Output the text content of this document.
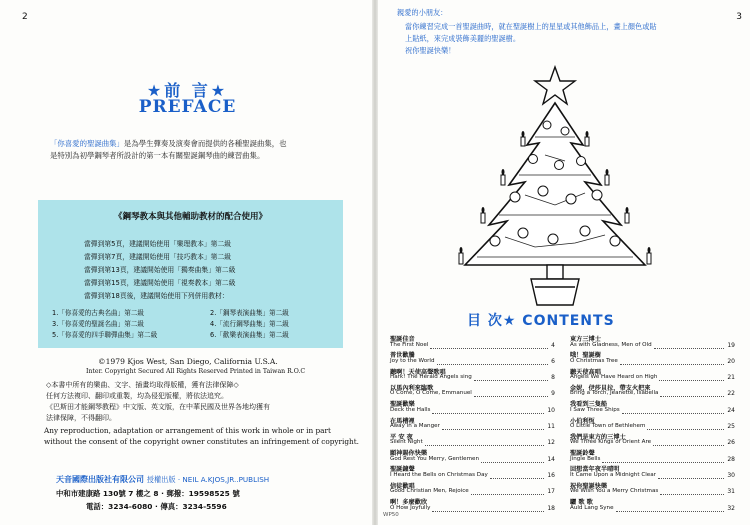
2
★前 言★
PREFACE
「你喜愛的聖誕曲集」是為學生彈奏及演奏會而提供的各種聖誕曲集，也
是特別為初學鋼琴者所設計的第一本有關聖誕鋼琴曲的練習曲集。
《鋼琴教本與其他輔助教材的配合使用》
當彈到第5頁，建議開始使用「樂理教本」第二級
當彈到第7頁，建議開始使用「技巧教本」第二級
當彈到第13頁，建議開始使用「獨奏曲集」第二級
當彈到第15頁，建議開始使用「視奏教本」第二級
當彈到第18頁後，建議開始使用下列併用教材：
1.「你喜愛的古典名曲」第二級	2.「鋼琴表演曲集」第二級
3.「你喜愛的聖誕名曲」第二級	4.「流行鋼琴曲集」第二級
5.「你喜愛的四手聯彈曲集」第二級	6.「歡樂表演曲集」第二級
©1979 Kjos West, San Diego, California U.S.A.
Inter. Copyright Secured All Rights Reserved Printed in Taiwan R.O.C
◇本書中所有的樂曲、文字、插畫均取得版權，獲有法律保障◇
任何方法複印、翻印或重製，均為侵犯版權，將依法追究。
《巴斯田才能鋼琴教程》中文版、英文版，在中華民國及世界各地均獲有
法律保障，不得翻印。
Any reproduction, adaptation or arrangement of this work in whole or in part
without the consent of the copyright owner constitutes an infringement of copyright.
天音國際出版社有限公司 授權出版 · NEIL A.KJOS,JR..PUBLISH
中和市建康路 130號 7 樓之 8 · 郵撥：19598525 號
電話：3234-6080 · 傳真：3234-5596
3
親愛的小朋友：
當你練習完成一首聖誕曲時，就在聖誕樹上的星星或其他飾品上，畫上顏色或貼
上貼紙，來完成裝飾美麗的聖誕樹。
祝你聖誕快樂！
目 次★ CONTENTS
聖誕佳音
The First Noel	4
普世歡騰
Joy to the World	6
聽啊！天使高聲歌唱
Hark! The Herald Angels sing	8
以馬內利來臨歌
O Come, O Come, Emmanuel	9
聖誕歡樂
Deck the Halls	10
在馬槽裡
Away in a Manger	11
平 安 夜
Silent Night	12
願神賜你快樂
God Rest You Merry, Gentlemen	14
聖誕鐘聲
I Heard the Bells on Christmas Day	16
信徒歡唱
Good Christian Men, Rejoice	17
啊！多麼歡欣
O How Joyfully	18
東方三博士
As with Gladness, Men of Old	19
哦！聖誕樹
O Christmas Tree	20
聽天使高唱
Angels We Have Heard on High	21
金妮，伊莎貝拉，帶支火把來
Bring a Torch, Jeanette, Isabella	22
我看到三隻船
I Saw Three Ships	24
小伯利恆
O Little Town of Bethlehem	25
我們是東方的三博士
We Three Kings of Orient Are	26
聖誕鈴聲
Jingle Bells	28
回想當年夜半晴明
It Came Upon a Midnight Clear	30
祝你聖誕快樂
We Wish You a Merry Christmas	31
驪 歌 歌
Auld Lang Syne	32
WP50
